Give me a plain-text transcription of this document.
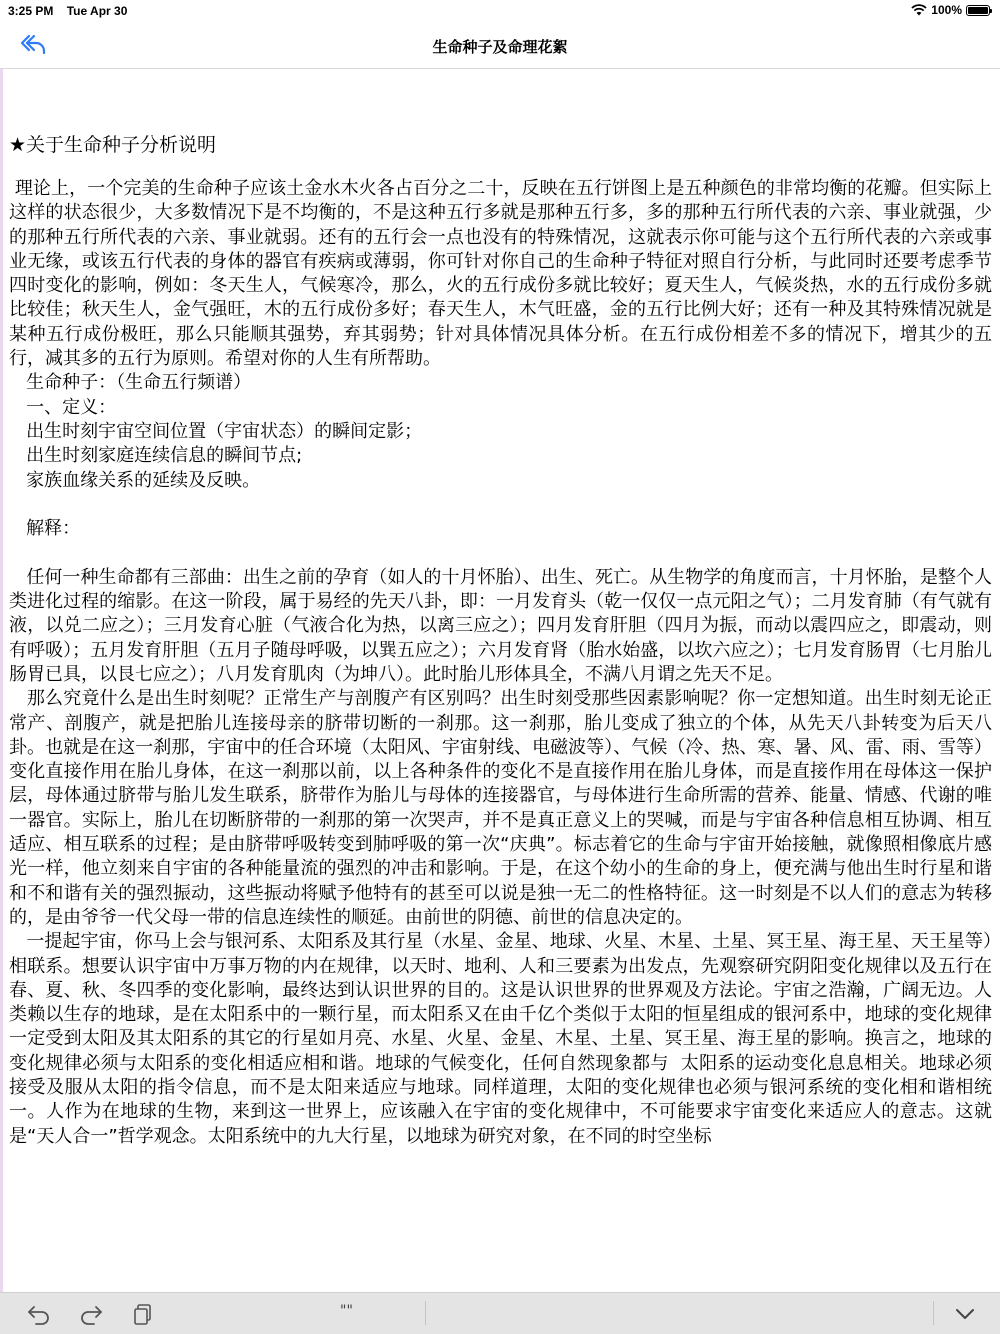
3:25 PM Tue Apr 30	100%
生命种子及命理花絮

★关于生命种子分析说明

理论上，一个完美的生命种子应该土金水木火各占百分之二十，反映在五行饼图上是五种颜色的非常均衡的花瓣。但实际上这样的状态很少，大多数情况下是不均衡的，不是这种五行多就是那种五行多，多的那种五行所代表的六亲、事业就强，少的那种五行所代表的六亲、事业就弱。还有的五行会一点也没有的特殊情况，这就表示你可能与这个五行所代表的六亲或事业无缘，或该五行代表的身体的器官有疾病或薄弱，你可针对你自己的生命种子特征对照自行分析，与此同时还要考虑季节四时变化的影响，例如：冬天生人，气候寒冷，那么，火的五行成份多就比较好；夏天生人，气候炎热，水的五行成份多就比较佳；秋天生人，金气强旺，木的五行成份多好；春天生人，木气旺盛，金的五行比例大好；还有一种及其特殊情况就是某种五行成份极旺，那么只能顺其强势，弃其弱势；针对具体情况具体分析。在五行成份相差不多的情况下，增其少的五行，减其多的五行为原则。希望对你的人生有所帮助。

生命种子：（生命五行频谱）

一、定义：

出生时刻宇宙空间位置（宇宙状态）的瞬间定影；

出生时刻家庭连续信息的瞬间节点;

家族血缘关系的延续及反映。

解释：

任何一种生命都有三部曲：出生之前的孕育（如人的十月怀胎）、出生、死亡。从生物学的角度而言，十月怀胎，是整个人类进化过程的缩影。在这一阶段，属于易经的先天八卦，即：一月发育头（乾一仅仅一点元阳之气）；二月发育肺（有气就有液，以兑二应之）；三月发育心脏（气液合化为热，以离三应之）；四月发育肝胆（四月为振，而动以震四应之，即震动，则有呼吸）；五月发育肝胆（五月子随母呼吸，以巽五应之）；六月发育肾（胎水始盛，以坎六应之）；七月发育肠胃（七月胎儿肠胃已具，以艮七应之）；八月发育肌肉（为坤八）。此时胎儿形体具全，不满八月谓之先天不足。

那么究竟什么是出生时刻呢？正常生产与剖腹产有区别吗？出生时刻受那些因素影响呢？你一定想知道。出生时刻无论正常产、剖腹产，就是把胎儿连接母亲的脐带切断的一刹那。这一刹那，胎儿变成了独立的个体，从先天八卦转变为后天八卦。也就是在这一刹那，宇宙中的任合环境（太阳风、宇宙射线、电磁波等）、气候（冷、热、寒、暑、风、雷、雨、雪等）变化直接作用在胎儿身体，在这一刹那以前，以上各种条件的变化不是直接作用在胎儿身体，而是直接作用在母体这一保护层，母体通过脐带与胎儿发生联系，脐带作为胎儿与母体的连接器官，与母体进行生命所需的营养、能量、情感、代谢的唯一器官。实际上，胎儿在切断脐带的一刹那的第一次哭声，并不是真正意义上的哭喊，而是与宇宙各种信息相互协调、相互适应、相互联系的过程；是由脐带呼吸转变到肺呼吸的第一次“庆典”。标志着它的生命与宇宙开始接触，就像照相像底片感光一样，他立刻来自宇宙的各种能量流的强烈的冲击和影响。于是，在这个幼小的生命的身上，便充满与他出生时行星和谐和不和谐有关的强烈振动，这些振动将赋予他特有的甚至可以说是独一无二的性格特征。这一时刻是不以人们的意志为转移的，是由爷爷一代父母一带的信息连续性的顺延。由前世的阴德、前世的信息决定的。

一提起宇宙，你马上会与银河系、太阳系及其行星（水星、金星、地球、火星、木星、土星、冥王星、海王星、天王星等）相联系。想要认识宇宙中万事万物的内在规律，以天时、地利、人和三要素为出发点，先观察研究阴阳变化规律以及五行在春、夏、秋、冬四季的变化影响，最终达到认识世界的目的。这是认识世界的世界观及方法论。宇宙之浩瀚，广阔无边。人类赖以生存的地球，是在太阳系中的一颗行星，而太阳系又在由千亿个类似于太阳的恒星组成的银河系中，地球的变化规律一定受到太阳及其太阳系的其它的行星如月亮、水星、火星、金星、木星、土星、冥王星、海王星的影响。换言之，地球的变化规律必须与太阳系的变化相适应相和谐。地球的气候变化，任何自然现象都与  太阳系的运动变化息息相关。地球必须接受及服从太阳的指令信息，而不是太阳来适应与地球。同样道理，太阳的变化规律也必须与银河系统的变化相和谐相统一。人作为在地球的生物，来到这一世界上，应该融入在宇宙的变化规律中，不可能要求宇宙变化来适应人的意志。这就是“天人合一”哲学观念。太阳系统中的九大行星，以地球为研究对象，在不同的时空坐标

""
